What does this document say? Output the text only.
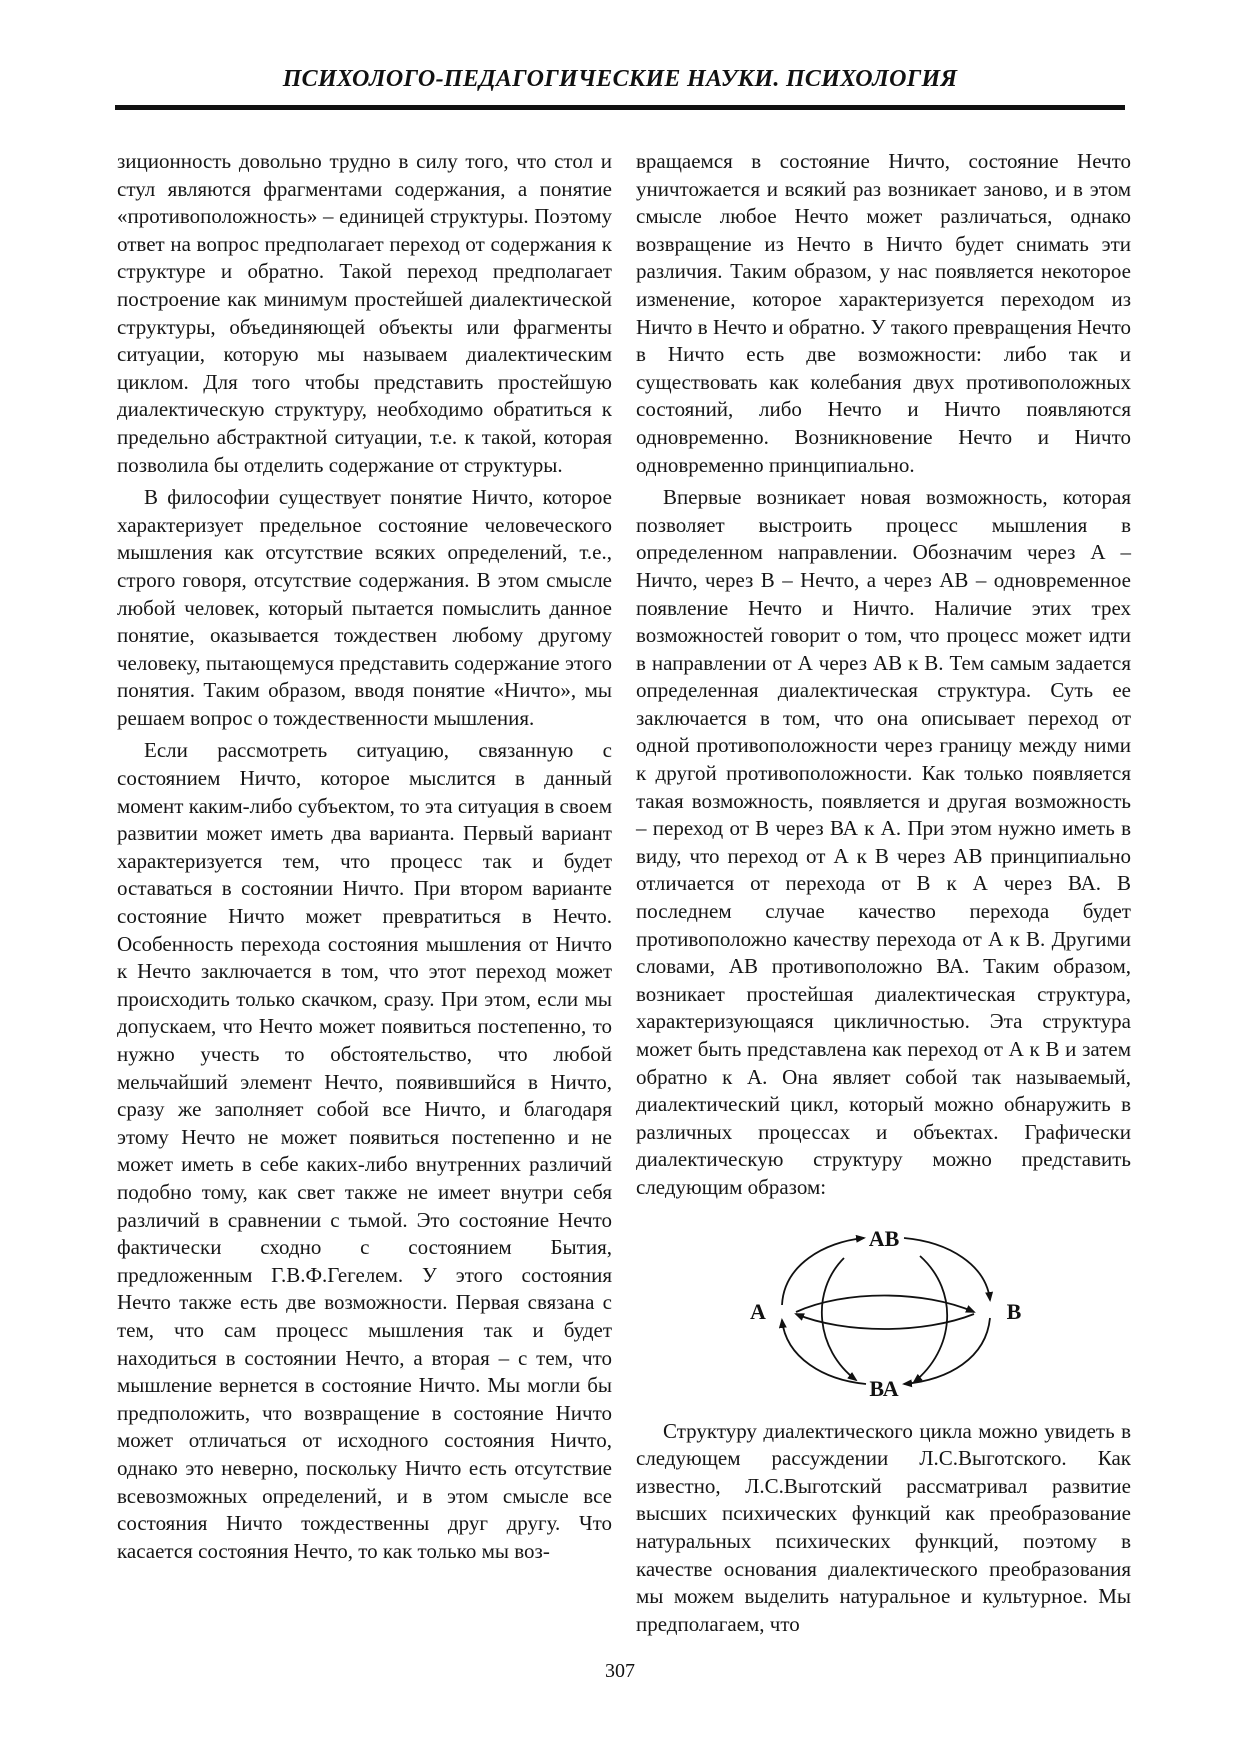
ПСИХОЛОГО-ПЕДАГОГИЧЕСКИЕ НАУКИ. ПСИХОЛОГИЯ

зиционность довольно трудно в силу того, что стол и стул являются фрагментами содержания, а понятие «противоположность» – единицей структуры. Поэтому ответ на вопрос предполагает переход от содержания к структуре и обратно. Такой переход предполагает построение как минимум простейшей диалектической структуры, объединяющей объекты или фрагменты ситуации, которую мы называем диалектическим циклом. Для того чтобы представить простейшую диалектическую структуру, необходимо обратиться к предельно абстрактной ситуации, т.е. к такой, которая позволила бы отделить содержание от структуры.

В философии существует понятие Ничто, которое характеризует предельное состояние человеческого мышления как отсутствие всяких определений, т.е., строго говоря, отсутствие содержания. В этом смысле любой человек, который пытается помыслить данное понятие, оказывается тождествен любому другому человеку, пытающемуся представить содержание этого понятия. Таким образом, вводя понятие «Ничто», мы решаем вопрос о тождественности мышления.

Если рассмотреть ситуацию, связанную с состоянием Ничто, которое мыслится в данный момент каким-либо субъектом, то эта ситуация в своем развитии может иметь два варианта. Первый вариант характеризуется тем, что процесс так и будет оставаться в состоянии Ничто. При втором варианте состояние Ничто может превратиться в Нечто. Особенность перехода состояния мышления от Ничто к Нечто заключается в том, что этот переход может происходить только скачком, сразу. При этом, если мы допускаем, что Нечто может появиться постепенно, то нужно учесть то обстоятельство, что любой мельчайший элемент Нечто, появившийся в Ничто, сразу же заполняет собой все Ничто, и благодаря этому Нечто не может появиться постепенно и не может иметь в себе каких-либо внутренних различий подобно тому, как свет также не имеет внутри себя различий в сравнении с тьмой. Это состояние Нечто фактически сходно с состоянием Бытия, предложенным Г.В.Ф.Гегелем. У этого состояния Нечто также есть две возможности. Первая связана с тем, что сам процесс мышления так и будет находиться в состоянии Нечто, а вторая – с тем, что мышление вернется в состояние Ничто. Мы могли бы предположить, что возвращение в состояние Ничто может отличаться от исходного состояния Ничто, однако это неверно, поскольку Ничто есть отсутствие всевозможных определений, и в этом смысле все состояния Ничто тождественны друг другу. Что касается состояния Нечто, то как только мы воз-

вращаемся в состояние Ничто, состояние Нечто уничтожается и всякий раз возникает заново, и в этом смысле любое Нечто может различаться, однако возвращение из Нечто в Ничто будет снимать эти различия. Таким образом, у нас появляется некоторое изменение, которое характеризуется переходом из Ничто в Нечто и обратно. У такого превращения Нечто в Ничто есть две возможности: либо так и существовать как колебания двух противоположных состояний, либо Нечто и Ничто появляются одновременно. Возникновение Нечто и Ничто одновременно принципиально.

Впервые возникает новая возможность, которая позволяет выстроить процесс мышления в определенном направлении. Обозначим через А – Ничто, через В – Нечто, а через АВ – одновременное появление Нечто и Ничто. Наличие этих трех возможностей говорит о том, что процесс может идти в направлении от А через АВ к В. Тем самым задается определенная диалектическая структура. Суть ее заключается в том, что она описывает переход от одной противоположности через границу между ними к другой противоположности. Как только появляется такая возможность, появляется и другая возможность – переход от В через ВА к А. При этом нужно иметь в виду, что переход от А к В через АВ принципиально отличается от перехода от В к А через ВА. В последнем случае качество перехода будет противоположно качеству перехода от А к В. Другими словами, АВ противоположно ВА. Таким образом, возникает простейшая диалектическая структура, характеризующаяся цикличностью. Эта структура может быть представлена как переход от А к В и затем обратно к А. Она являет собой так называемый, диалектический цикл, который можно обнаружить в различных процессах и объектах. Графически диалектическую структуру можно представить следующим образом:

АВ
А	В
ВА

Структуру диалектического цикла можно увидеть в следующем рассуждении Л.С.Выготского. Как известно, Л.С.Выготский рассматривал развитие высших психических функций как преобразование натуральных психических функций, поэтому в качестве основания диалектического преобразования мы можем выделить натуральное и культурное. Мы предполагаем, что

307
